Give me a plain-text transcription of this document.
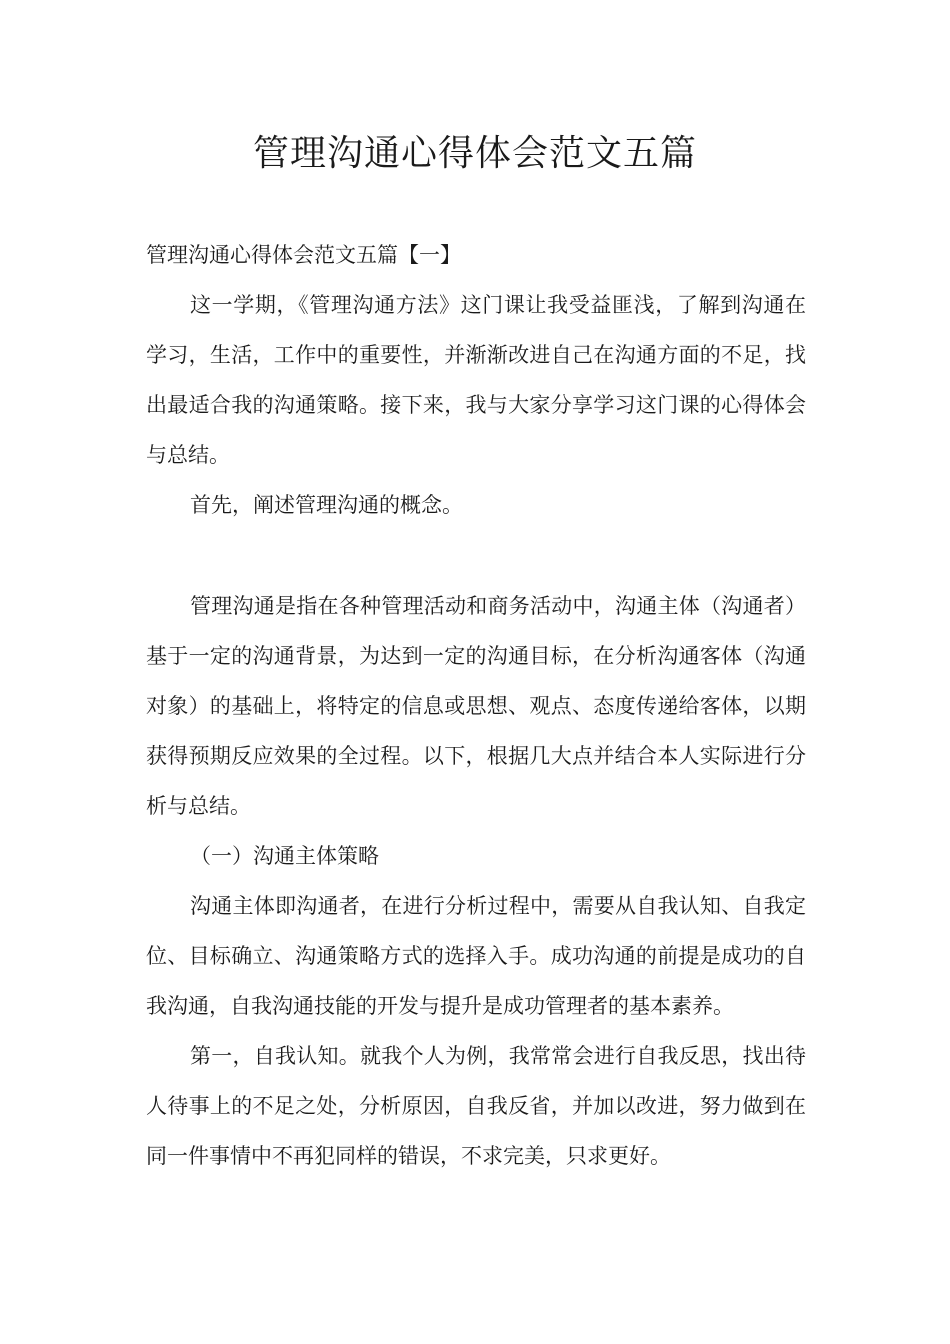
管理沟通心得体会范文五篇

管理沟通心得体会范文五篇【一】

这一学期，《管理沟通方法》这门课让我受益匪浅，了解到沟通在学习，生活，工作中的重要性，并渐渐改进自己在沟通方面的不足，找出最适合我的沟通策略。接下来，我与大家分享学习这门课的心得体会与总结。

首先，阐述管理沟通的概念。

管理沟通是指在各种管理活动和商务活动中，沟通主体（沟通者）基于一定的沟通背景，为达到一定的沟通目标，在分析沟通客体（沟通对象）的基础上，将特定的信息或思想、观点、态度传递给客体，以期获得预期反应效果的全过程。以下，根据几大点并结合本人实际进行分析与总结。

（一）沟通主体策略

沟通主体即沟通者，在进行分析过程中，需要从自我认知、自我定位、目标确立、沟通策略方式的选择入手。成功沟通的前提是成功的自我沟通，自我沟通技能的开发与提升是成功管理者的基本素养。

第一，自我认知。就我个人为例，我常常会进行自我反思，找出待人待事上的不足之处，分析原因，自我反省，并加以改进，努力做到在同一件事情中不再犯同样的错误，不求完美，只求更好。
